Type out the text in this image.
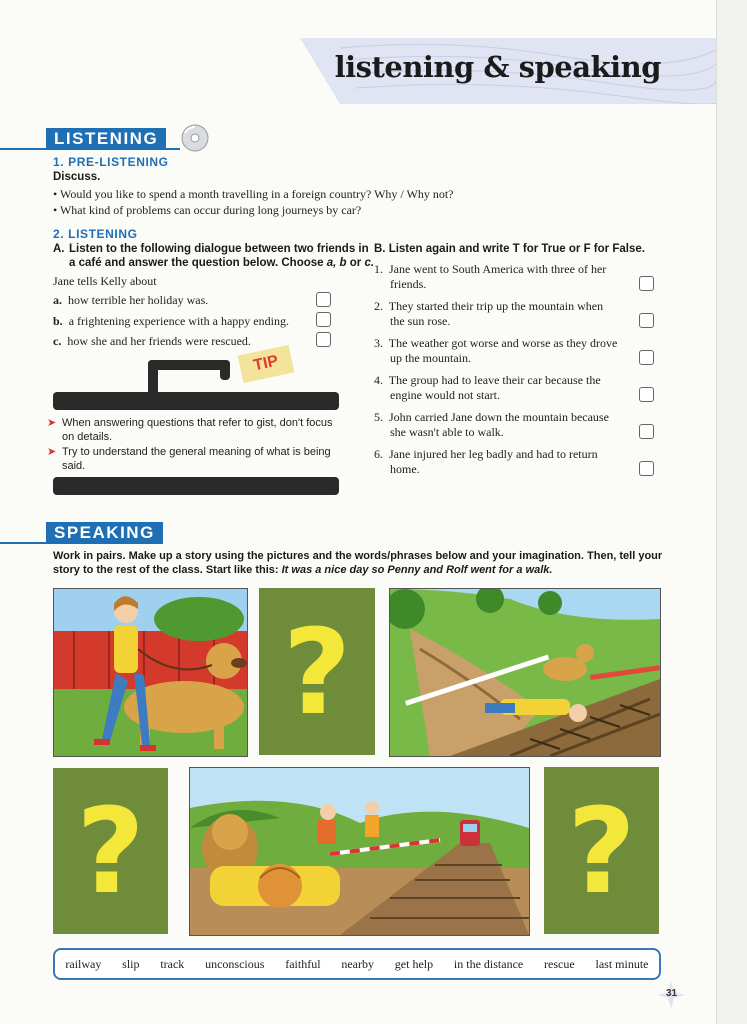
listening & speaking
LISTENING
1. PRE-LISTENING
Discuss.
• Would you like to spend a month travelling in a foreign country? Why / Why not?
• What kind of problems can occur during long journeys by car?
2. LISTENING
A. Listen to the following dialogue between two friends in
a café and answer the question below. Choose a, b or c.
Jane tells Kelly about
a. how terrible her holiday was.
b. a frightening experience with a happy ending.
c. how she and her friends were rescued.
B. Listen again and write T for True or F for False.
1. Jane went to South America with three of her
friends.
2. They started their trip up the mountain when
the sun rose.
3. The weather got worse and worse as they drove
up the mountain.
4. The group had to leave their car because the
engine would not start.
5. John carried Jane down the mountain because
she wasn't able to walk.
6. Jane injured her leg badly and had to return
home.
TIP
➤ When answering questions that refer to gist, don't focus
on details.
➤ Try to understand the general meaning of what is being
said.
SPEAKING
Work in pairs. Make up a story using the pictures and the words/phrases below and your imagination. Then, tell your
story to the rest of the class. Start like this: It was a nice day so Penny and Rolf went for a walk.
?
?	?
railway slip track unconscious faithful nearby get help in the distance rescue last minute
31
